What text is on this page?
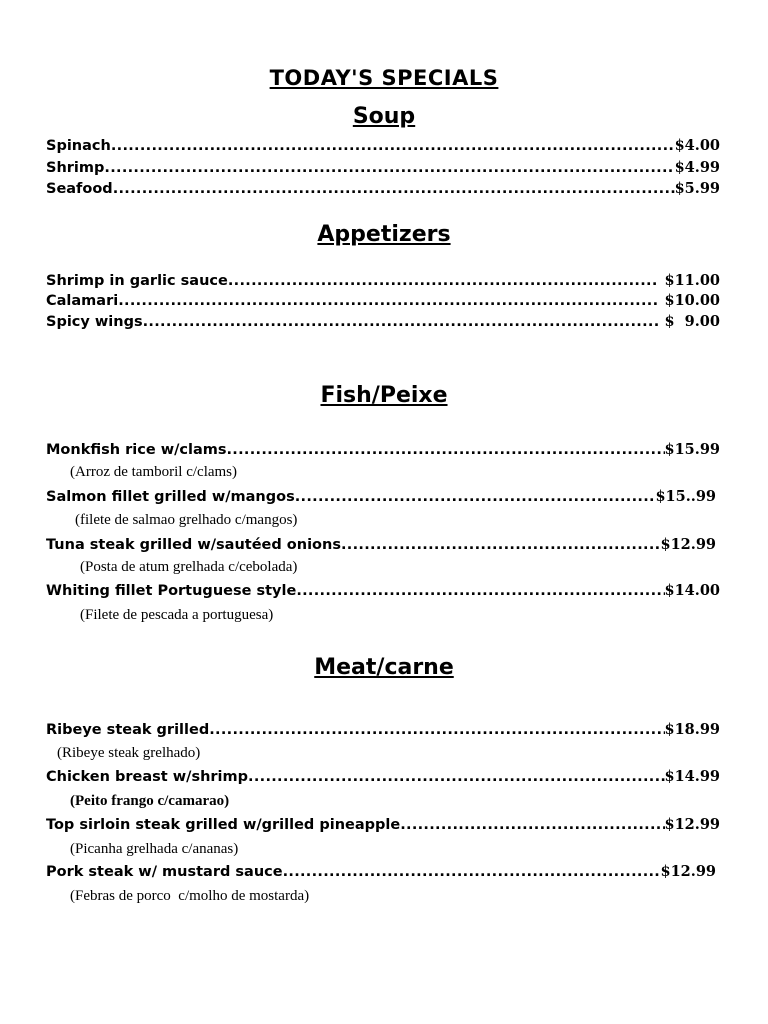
TODAY'S SPECIALS
Soup
Spinach .....	$4.00
Shrimp .....	$4.99
Seafood .....	$5.99
Appetizers
Shrimp in garlic sauce .....	$11.00
Calamari .....	$10.00
Spicy wings .....	$  9.00
Fish/Peixe
Monkfish rice w/clams .....	$15.99
(Arroz de tamboril c/clams)
Salmon fillet grilled w/mangos .....	$15..99
(filete de salmao grelhado c/mangos)
Tuna steak grilled w/sautéed onions .....	$12.99
(Posta de atum grelhada c/cebolada)
Whiting fillet Portuguese style .....	$14.00
(Filete de pescada a portuguesa)
Meat/carne
Ribeye steak grilled .....	$18.99
(Ribeye steak grelhado)
Chicken breast w/shrimp .....	$14.99
(Peito frango c/camarao)
Top sirloin steak grilled w/grilled pineapple .....	$12.99
(Picanha grelhada c/ananas)
Pork steak w/ mustard sauce .....	$12.99
(Febras de porco  c/molho de mostarda)
